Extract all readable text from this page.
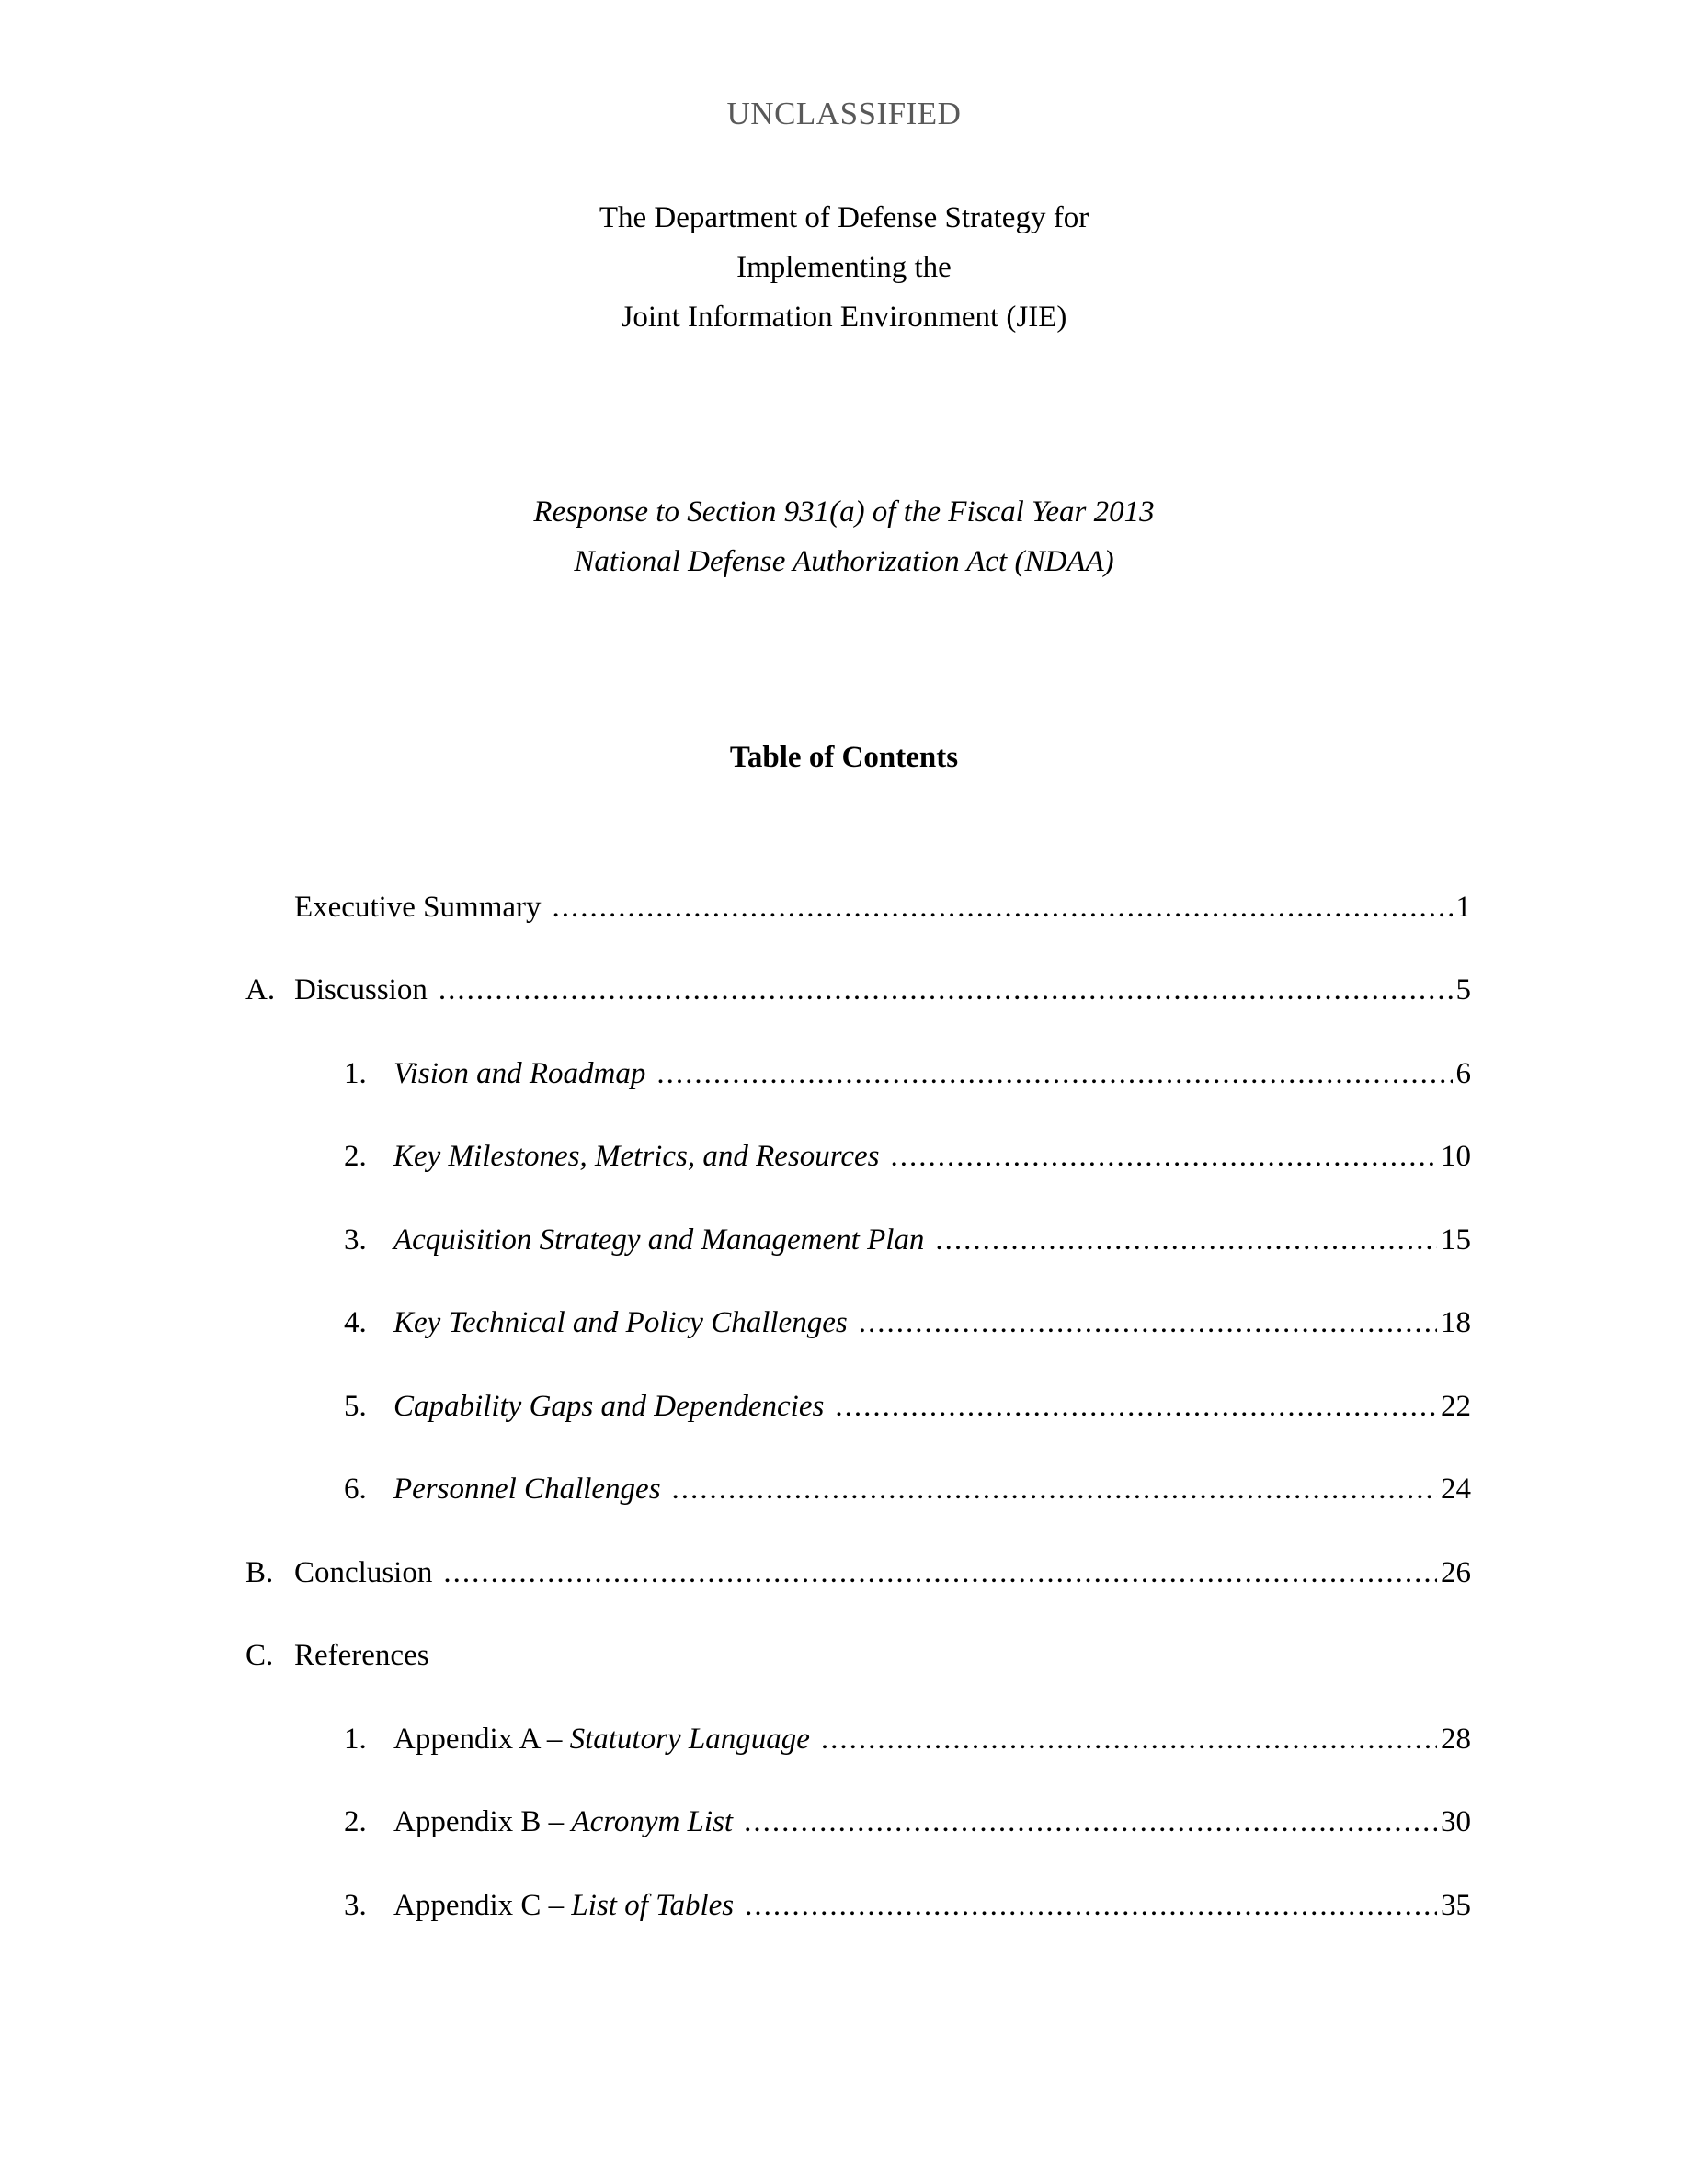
UNCLASSIFIED
The Department of Defense Strategy for
Implementing the
Joint Information Environment (JIE)
Response to Section 931(a) of the Fiscal Year 2013
National Defense Authorization Act (NDAA)
Table of Contents
Executive Summary .....	1
A. Discussion .....	5
1. Vision and Roadmap .....	6
2. Key Milestones, Metrics, and Resources .....	10
3. Acquisition Strategy and Management Plan .....	15
4. Key Technical and Policy Challenges .....	18
5. Capability Gaps and Dependencies .....	22
6. Personnel Challenges .....	24
B. Conclusion .....	26
C. References
1. Appendix A – Statutory Language .....	28
2. Appendix B – Acronym List .....	30
3. Appendix C – List of Tables .....	35
